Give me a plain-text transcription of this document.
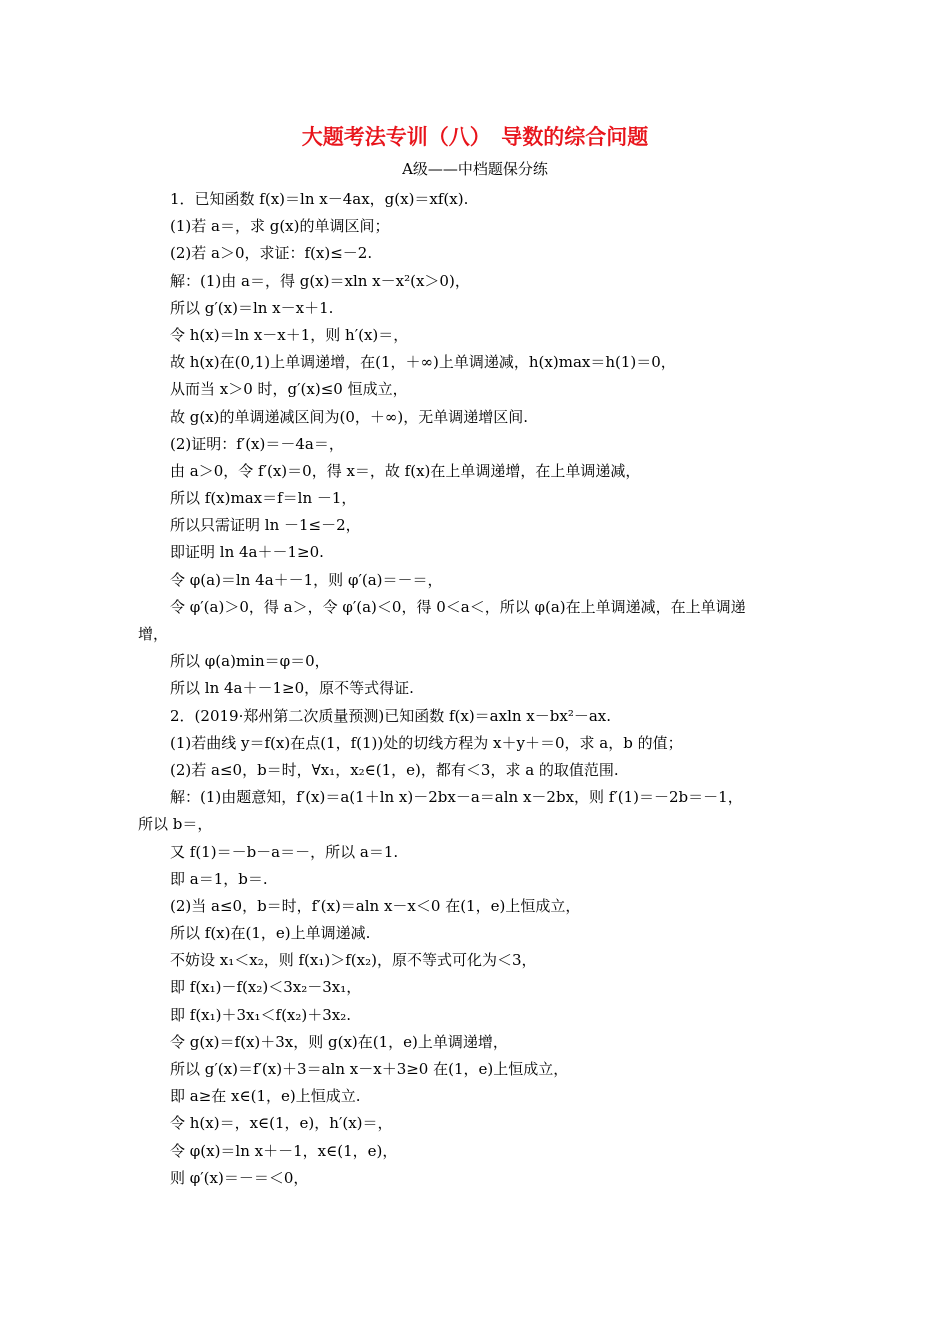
大题考法专训（八）　导数的综合问题
A级——中档题保分练
1．已知函数 f(x)＝ln x－4ax，g(x)＝xf(x).
(1)若 a＝，求 g(x)的单调区间；
(2)若 a＞0，求证：f(x)≤－2.
解：(1)由 a＝，得 g(x)＝xln x－x²(x＞0)，
所以 g′(x)＝ln x－x＋1.
令 h(x)＝ln x－x＋1，则 h′(x)＝，
故 h(x)在(0,1)上单调递增，在(1，＋∞)上单调递减，h(x)max＝h(1)＝0，
从而当 x＞0 时，g′(x)≤0 恒成立，
故 g(x)的单调递减区间为(0，＋∞)，无单调递增区间.
(2)证明：f′(x)＝－4a＝，
由 a＞0，令 f′(x)＝0，得 x＝，故 f(x)在上单调递增，在上单调递减，
所以 f(x)max＝f＝ln －1，
所以只需证明 ln －1≤－2，
即证明 ln 4a＋－1≥0.
令 φ(a)＝ln 4a＋－1，则 φ′(a)＝－＝，
令 φ′(a)＞0，得 a＞，令 φ′(a)＜0，得 0＜a＜，所以 φ(a)在上单调递减，在上单调递
增，
所以 φ(a)min＝φ＝0，
所以 ln 4a＋－1≥0，原不等式得证.
2．(2019·郑州第二次质量预测)已知函数 f(x)＝axln x－bx²－ax.
(1)若曲线 y＝f(x)在点(1，f(1))处的切线方程为 x＋y＋＝0，求 a，b 的值；
(2)若 a≤0，b＝时，∀x₁，x₂∈(1，e)，都有＜3，求 a 的取值范围.
解：(1)由题意知，f′(x)＝a(1＋ln x)－2bx－a＝aln x－2bx，则 f′(1)＝－2b＝－1，
所以 b＝，
又 f(1)＝－b－a＝－，所以 a＝1.
即 a＝1，b＝.
(2)当 a≤0，b＝时，f′(x)＝aln x－x＜0 在(1，e)上恒成立，
所以 f(x)在(1，e)上单调递减.
不妨设 x₁＜x₂，则 f(x₁)＞f(x₂)，原不等式可化为＜3，
即 f(x₁)－f(x₂)＜3x₂－3x₁，
即 f(x₁)＋3x₁＜f(x₂)＋3x₂.
令 g(x)＝f(x)＋3x，则 g(x)在(1，e)上单调递增，
所以 g′(x)＝f′(x)＋3＝aln x－x＋3≥0 在(1，e)上恒成立，
即 a≥在 x∈(1，e)上恒成立.
令 h(x)＝，x∈(1，e)，h′(x)＝，
令 φ(x)＝ln x＋－1，x∈(1，e)，
则 φ′(x)＝－＝＜0，
